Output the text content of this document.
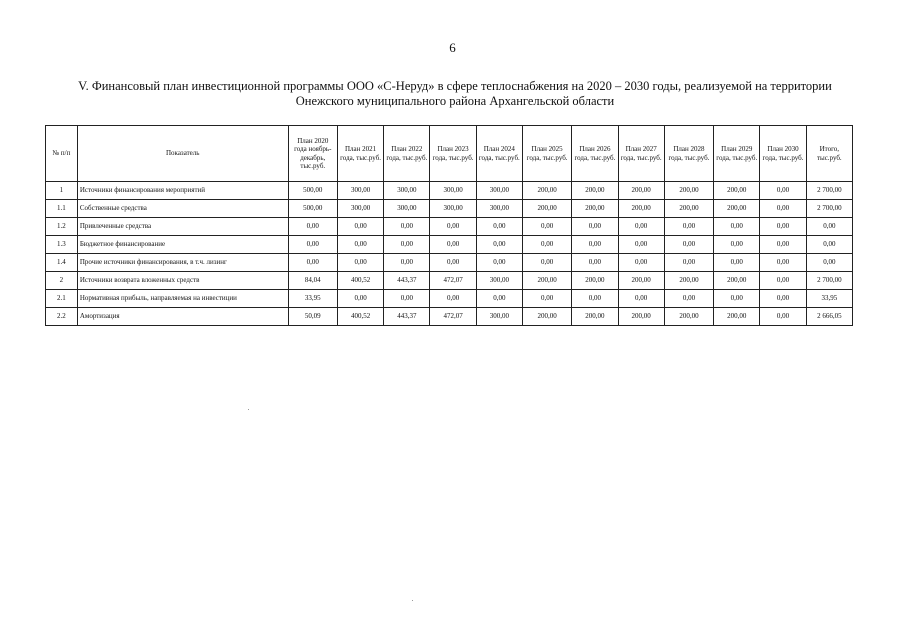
6
V. Финансовый план инвестиционной программы ООО «С-Неруд» в сфере теплоснабжения на 2020 – 2030 годы, реализуемой на территории
Онежского муниципального района Архангельской области
№ п/п	Показатель	План 2020 года ноябрь-декабрь, тыс.руб.	План 2021 года, тыс.руб.	План 2022 года, тыс.руб.	План 2023 года, тыс.руб.	План 2024 года, тыс.руб.	План 2025 года, тыс.руб.	План 2026 года, тыс.руб.	План 2027 года, тыс.руб.	План 2028 года, тыс.руб.	План 2029 года, тыс.руб.	План 2030 года, тыс.руб.	Итого, тыс.руб.
1	Источники финансирования мероприятий	500,00	300,00	300,00	300,00	300,00	200,00	200,00	200,00	200,00	200,00	0,00	2 700,00
1.1	Собственные средства	500,00	300,00	300,00	300,00	300,00	200,00	200,00	200,00	200,00	200,00	0,00	2 700,00
1.2	Привлеченные средства	0,00	0,00	0,00	0,00	0,00	0,00	0,00	0,00	0,00	0,00	0,00	0,00
1.3	Бюджетное финансирование	0,00	0,00	0,00	0,00	0,00	0,00	0,00	0,00	0,00	0,00	0,00	0,00
1.4	Прочие источники финансирования, в т.ч. лизинг	0,00	0,00	0,00	0,00	0,00	0,00	0,00	0,00	0,00	0,00	0,00	0,00
2	Источники возврата вложенных средств	84,04	400,52	443,37	472,07	300,00	200,00	200,00	200,00	200,00	200,00	0,00	2 700,00
2.1	Нормативная прибыль, направляемая на инвестиции	33,95	0,00	0,00	0,00	0,00	0,00	0,00	0,00	0,00	0,00	0,00	33,95
2.2	Амортизация	50,09	400,52	443,37	472,07	300,00	200,00	200,00	200,00	200,00	200,00	0,00	2 666,05
